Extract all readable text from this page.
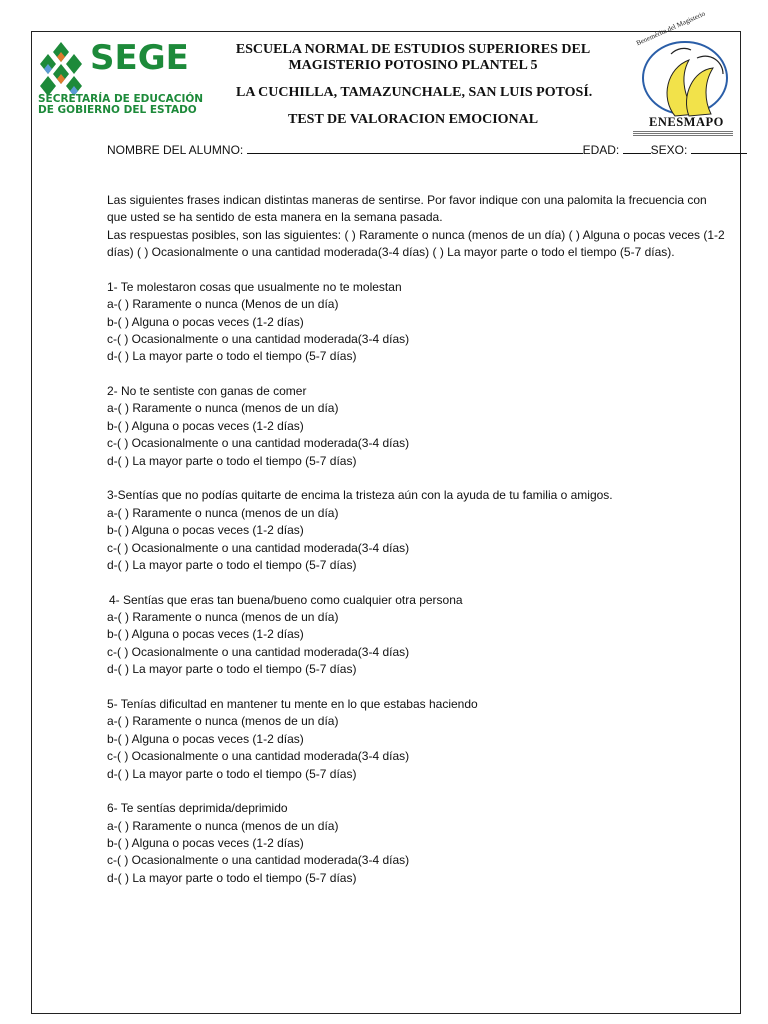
SEGE
SECRETARÍA DE EDUCACIÓN
DE GOBIERNO DEL ESTADO
ESCUELA NORMAL DE ESTUDIOS SUPERIORES DEL
MAGISTERIO POTOSINO PLANTEL 5
LA CUCHILLA, TAMAZUNCHALE, SAN LUIS POTOSÍ.
TEST DE VALORACION EMOCIONAL
Benemérita del Magisterio
ENESMAPO
NOMBRE DEL ALUMNO:	EDAD:	SEXO:
Las siguientes frases indican distintas maneras de sentirse. Por favor indique con una palomita la frecuencia con
que usted se ha sentido de esta manera en la semana pasada.
Las respuestas posibles, son las siguientes: ( ) Raramente o nunca (menos de un día) ( ) Alguna o pocas veces (1-2
días) ( ) Ocasionalmente o una cantidad moderada(3-4 días) ( ) La mayor parte o todo el tiempo (5-7 días).
1- Te molestaron cosas que usualmente no te molestan
a-( ) Raramente o nunca (Menos de un día)
b-( ) Alguna o pocas veces (1-2 días)
c-( ) Ocasionalmente o una cantidad moderada(3-4 días)
d-( ) La mayor parte o todo el tiempo (5-7 días)
2- No te sentiste con ganas de comer
a-( ) Raramente o nunca (menos de un día)
b-( ) Alguna o pocas veces (1-2 días)
c-( ) Ocasionalmente o una cantidad moderada(3-4 días)
d-( ) La mayor parte o todo el tiempo (5-7 días)
3-Sentías que no podías quitarte de encima la tristeza aún con la ayuda de tu familia o amigos.
a-( ) Raramente o nunca (menos de un día)
b-( ) Alguna o pocas veces (1-2 días)
c-( ) Ocasionalmente o una cantidad moderada(3-4 días)
d-( ) La mayor parte o todo el tiempo (5-7 días)
4- Sentías que eras tan buena/bueno como cualquier otra persona
a-( ) Raramente o nunca (menos de un día)
b-( ) Alguna o pocas veces (1-2 días)
c-( ) Ocasionalmente o una cantidad moderada(3-4 días)
d-( ) La mayor parte o todo el tiempo (5-7 días)
5- Tenías dificultad en mantener tu mente en lo que estabas haciendo
a-( ) Raramente o nunca (menos de un día)
b-( ) Alguna o pocas veces (1-2 días)
c-( ) Ocasionalmente o una cantidad moderada(3-4 días)
d-( ) La mayor parte o todo el tiempo (5-7 días)
6- Te sentías deprimida/deprimido
a-( ) Raramente o nunca (menos de un día)
b-( ) Alguna o pocas veces (1-2 días)
c-( ) Ocasionalmente o una cantidad moderada(3-4 días)
d-( ) La mayor parte o todo el tiempo (5-7 días)
